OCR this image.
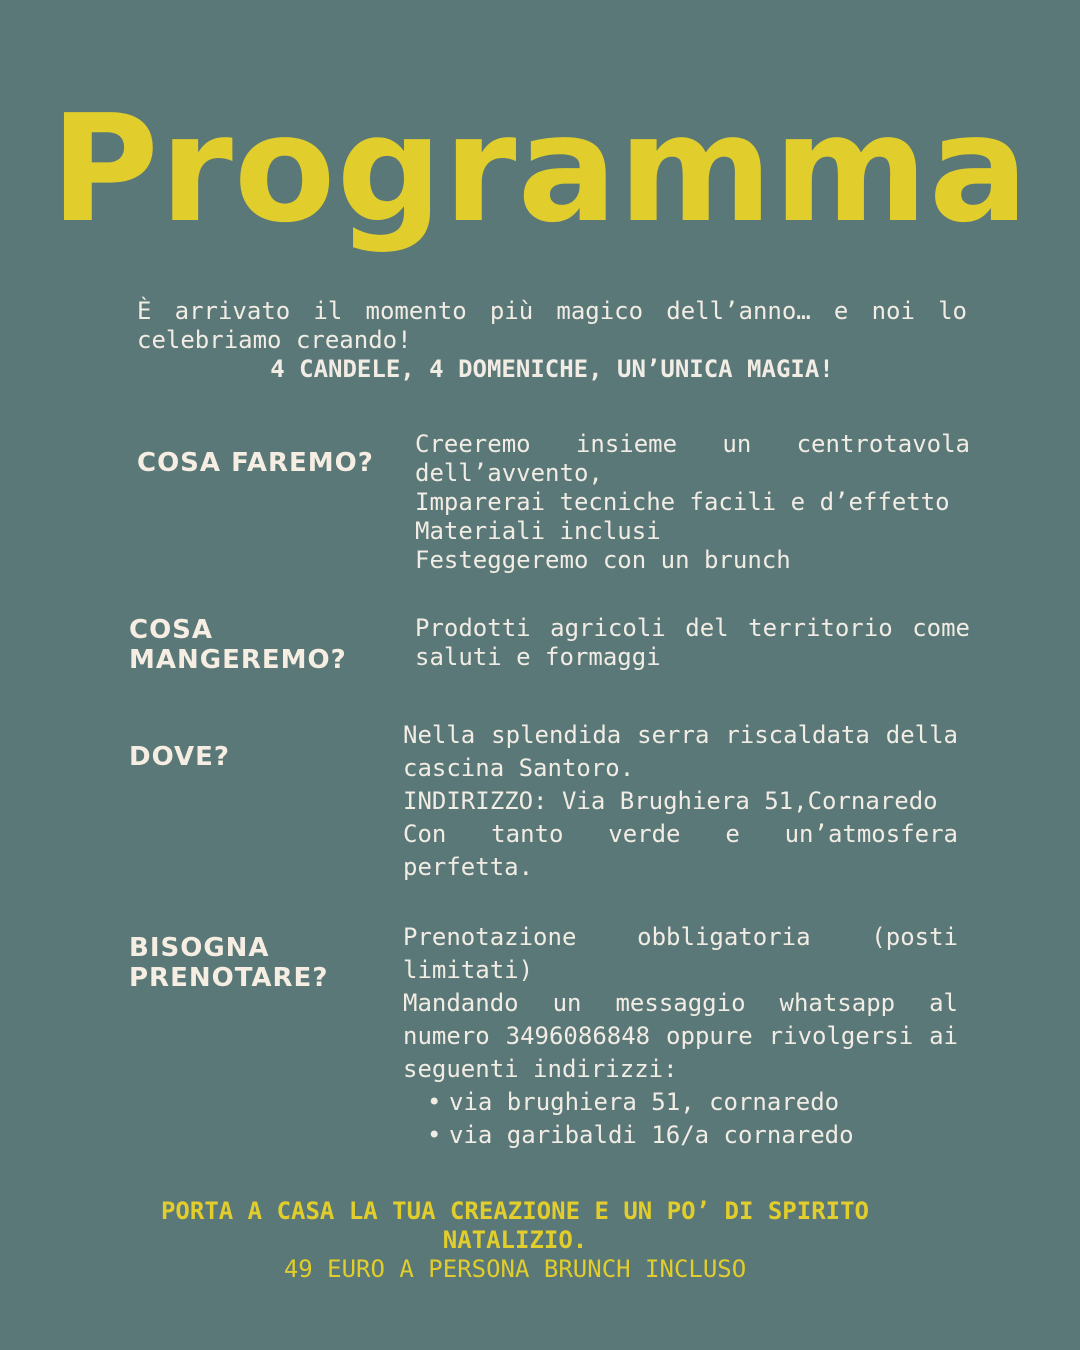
Programma
È arrivato il momento più magico dell’anno… e noi lo celebriamo creando!
4 CANDELE, 4 DOMENICHE, UN’UNICA MAGIA!
COSA FAREMO?
Creeremo insieme un centrotavola dell’avvento,
Imparerai tecniche facili e d’effetto
Materiali inclusi
Festeggeremo con un brunch
COSA
MANGEREMO?
Prodotti agricoli del territorio come saluti e formaggi
DOVE?
Nella splendida serra riscaldata della cascina Santoro.
INDIRIZZO: Via Brughiera 51,Cornaredo
Con tanto verde e un’atmosfera perfetta.
BISOGNA
PRENOTARE?
Prenotazione obbligatoria (posti limitati)
Mandando un messaggio whatsapp al numero 3496086848 oppure rivolgersi ai seguenti indirizzi:
• via brughiera 51, cornaredo
• via garibaldi 16/a cornaredo
PORTA A CASA LA TUA CREAZIONE E UN PO’ DI SPIRITO NATALIZIO.
49 EURO A PERSONA BRUNCH INCLUSO
